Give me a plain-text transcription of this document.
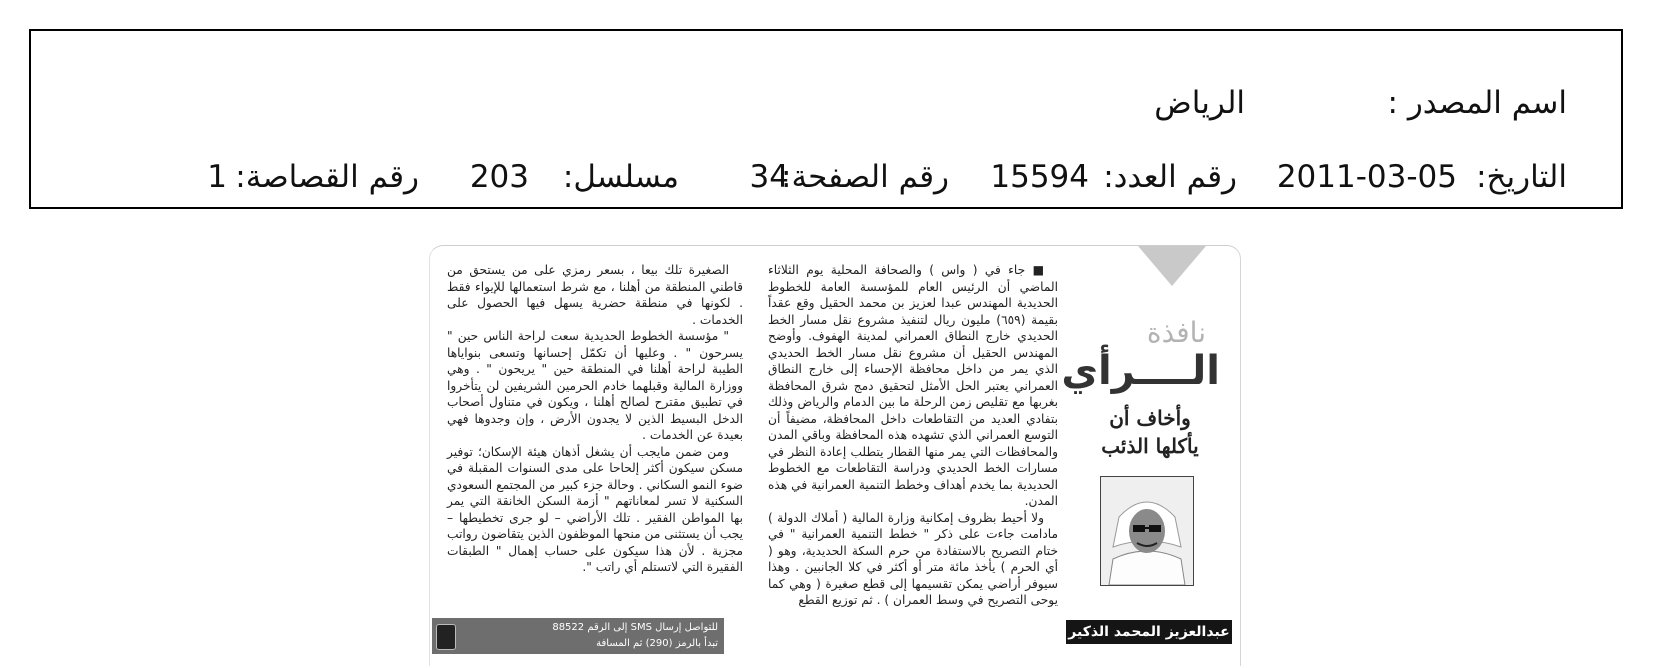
اسم المصدر :
الرياض
التاريخ:
2011-03-05
رقم العدد:
15594
رقم الصفحة:
34
مسلسل:
203
رقم القصاصة:
1
نافذة
الــــرأي
وأخاف أن
يأكلها الذئب
عبدالعزيز المحمد الذكير

■ جاء في ( واس ) والصحافة المحلية يوم الثلاثاء الماضي أن الرئيس العام للمؤسسة العامة للخطوط الحديدية المهندس عبدا لعزيز بن محمد الحقيل وقع عقداً بقيمة (٦٥٩) مليون ريال لتنفيذ مشروع نقل مسار الخط الحديدي خارج النطاق العمراني لمدينة الهفوف. وأوضح المهندس الحقيل أن مشروع نقل مسار الخط الحديدي الذي يمر من داخل محافظة الإحساء إلى خارج النطاق العمراني يعتبر الحل الأمثل لتحقيق دمج شرق المحافظة بغربها مع تقليص زمن الرحلة ما بين الدمام والرياض وذلك بتفادي العديد من التقاطعات داخل المحافظة، مضيفاً أن التوسع العمراني الذي تشهده هذه المحافظة وباقي المدن والمحافظات التي يمر منها القطار يتطلب إعادة النظر في مسارات الخط الحديدي ودراسة التقاطعات مع الخطوط الحديدية بما يخدم أهداف وخطط التنمية العمرانية في هذه المدن.

ولا أحيط بظروف إمكانية وزارة المالية ( أملاك الدولة ) مادامت جاءت على ذكر " خطط التنمية العمرانية " في ختام التصريح بالاستفادة من حرم السكة الحديدية، وهو ( أي الحرم ) يأخذ مائة متر أو أكثر في كلا الجانبين . وهذا سيوفر أراضي يمكن تقسيمها إلى قطع صغيرة ( وهي كما يوحى التصريح في وسط العمران ) . ثم توزيع القطع

الصغيرة تلك بيعا ، بسعر رمزي على من يستحق من قاطني المنطقة من أهلنا ، مع شرط استعمالها للإيواء فقط . لكونها في منطقة حضرية يسهل فيها الحصول على الخدمات .

" مؤسسة الخطوط الحديدية سعت لراحة الناس حين " يسرحون " . وعليها أن تكمّل إحسانها وتسعى بنواياها الطيبة لراحة أهلنا في المنطقة حين " يريحون " . وهي ووزارة المالية وقبلهما خادم الحرمين الشريفين لن يتأخروا في تطبيق مقترح لصالح أهلنا ، ويكون في متناول أصحاب الدخل البسيط الذين لا يجدون الأرض ، وإن وجدوها فهي بعيدة عن الخدمات .

ومن ضمن مايجب أن يشغل أذهان هيئة الإسكان؛ توفير مسكن سيكون أكثر إلحاحا على مدى السنوات المقبلة في ضوء النمو السكاني . وحالة جزء كبير من المجتمع السعودي السكنية لا تسر لمعاناتهم " أزمة السكن الخانقة التي يمر بها المواطن الفقير . تلك الأراضي – لو جرى تخطيطها – يجب أن يستثنى من منحها الموظفون الذين يتقاضون رواتب مجزية . لأن هذا سيكون على حساب إهمال " الطبقات الفقيرة التي لاتستلم أي راتب ".

للتواصل إرسال SMS إلى الرقم 88522
تبدأ بالرمز (290) ثم المسافة
